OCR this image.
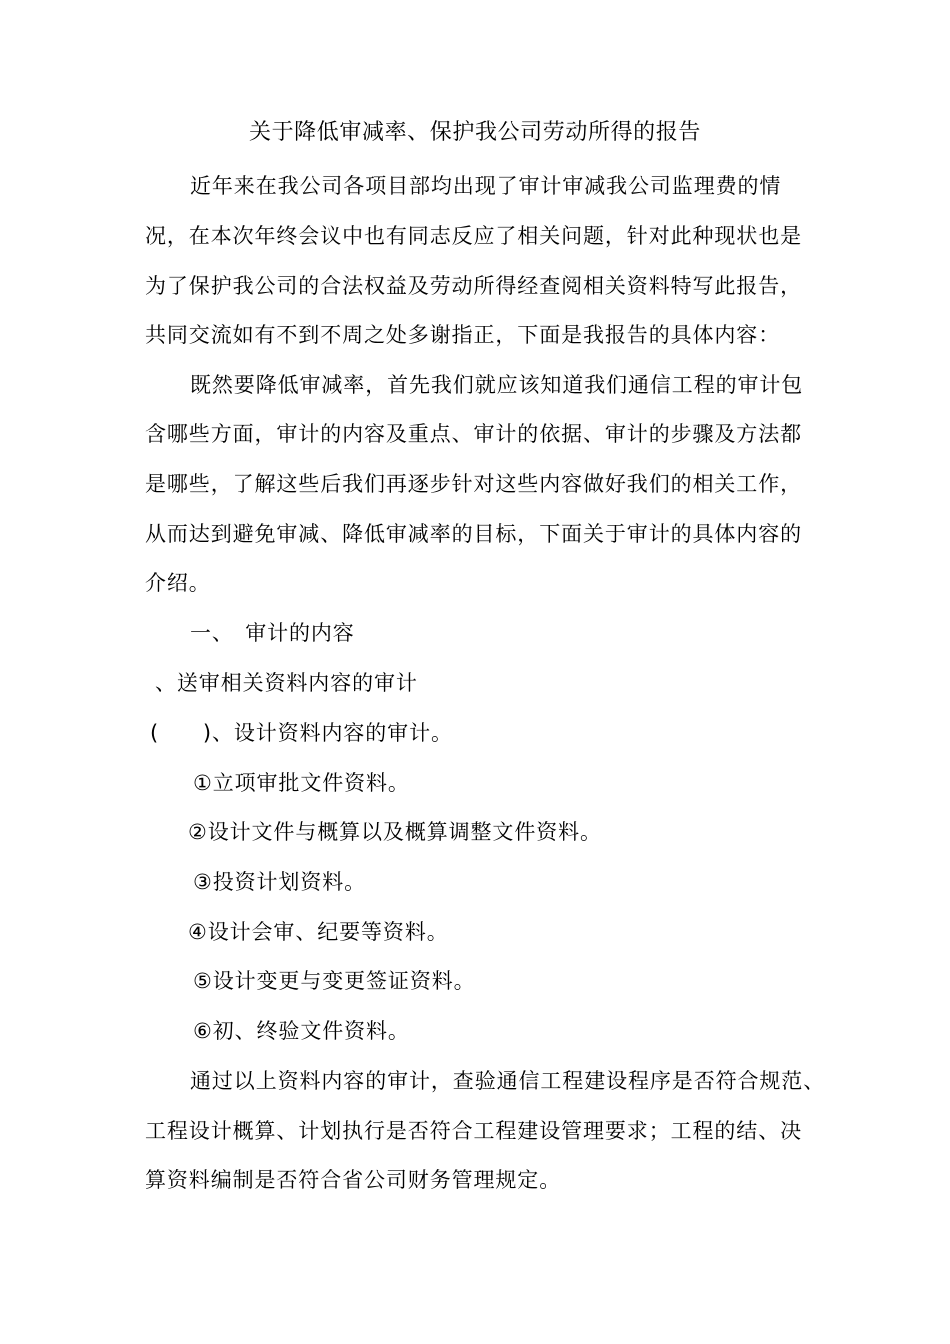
关于降低审减率、保护我公司劳动所得的报告
近年来在我公司各项目部均出现了审计审减我公司监理费的情
况，在本次年终会议中也有同志反应了相关问题，针对此种现状也是
为了保护我公司的合法权益及劳动所得经查阅相关资料特写此报告，
共同交流如有不到不周之处多谢指正，下面是我报告的具体内容：
既然要降低审减率，首先我们就应该知道我们通信工程的审计包
含哪些方面，审计的内容及重点、审计的依据、审计的步骤及方法都
是哪些，了解这些后我们再逐步针对这些内容做好我们的相关工作，
从而达到避免审减、降低审减率的目标，下面关于审计的具体内容的
介绍。
一、　审计的内容
、送审相关资料内容的审计
(　　)、设计资料内容的审计。
①立项审批文件资料。
②设计文件与概算以及概算调整文件资料。
③投资计划资料。
④设计会审、纪要等资料。
⑤设计变更与变更签证资料。
⑥初、终验文件资料。
通过以上资料内容的审计，查验通信工程建设程序是否符合规范、
工程设计概算、计划执行是否符合工程建设管理要求；工程的结、决
算资料编制是否符合省公司财务管理规定。
